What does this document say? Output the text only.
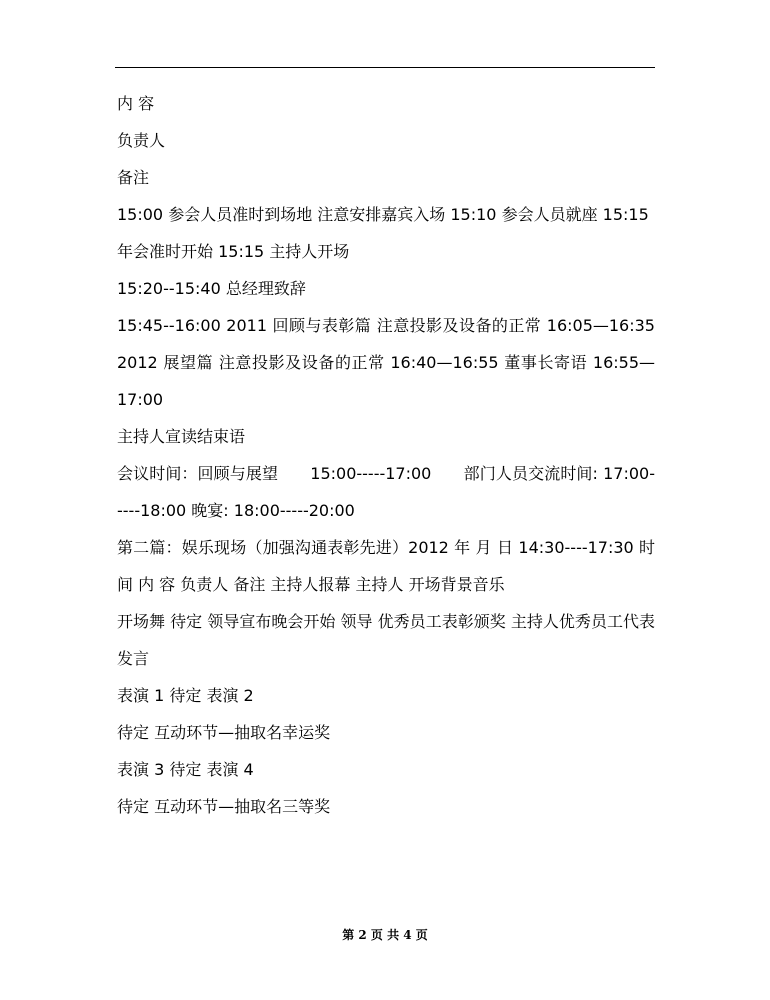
内 容

负责人

备注

15:00 参会人员准时到场地 注意安排嘉宾入场 15:10 参会人员就座 15:15

年会准时开始 15:15 主持人开场

15:20--15:40 总经理致辞

15:45--16:00 2011 回顾与表彰篇 注意投影及设备的正常 16:05—16:35 2012 展望篇 注意投影及设备的正常 16:40—16:55 董事长寄语 16:55—17:00

主持人宣读结束语

会议时间：回顾与展望　　15:00-----17:00　　部门人员交流时间: 17:00-----18:00 晚宴: 18:00-----20:00

第二篇：娱乐现场（加强沟通表彰先进）2012 年 月 日 14:30----17:30 时 间 内 容 负责人 备注 主持人报幕 主持人 开场背景音乐

开场舞 待定 领导宣布晚会开始 领导 优秀员工表彰颁奖 主持人优秀员工代表发言

表演 1 待定 表演 2

待定 互动环节—抽取名幸运奖

表演 3 待定 表演 4

待定 互动环节—抽取名三等奖

第 2 页 共 4 页
